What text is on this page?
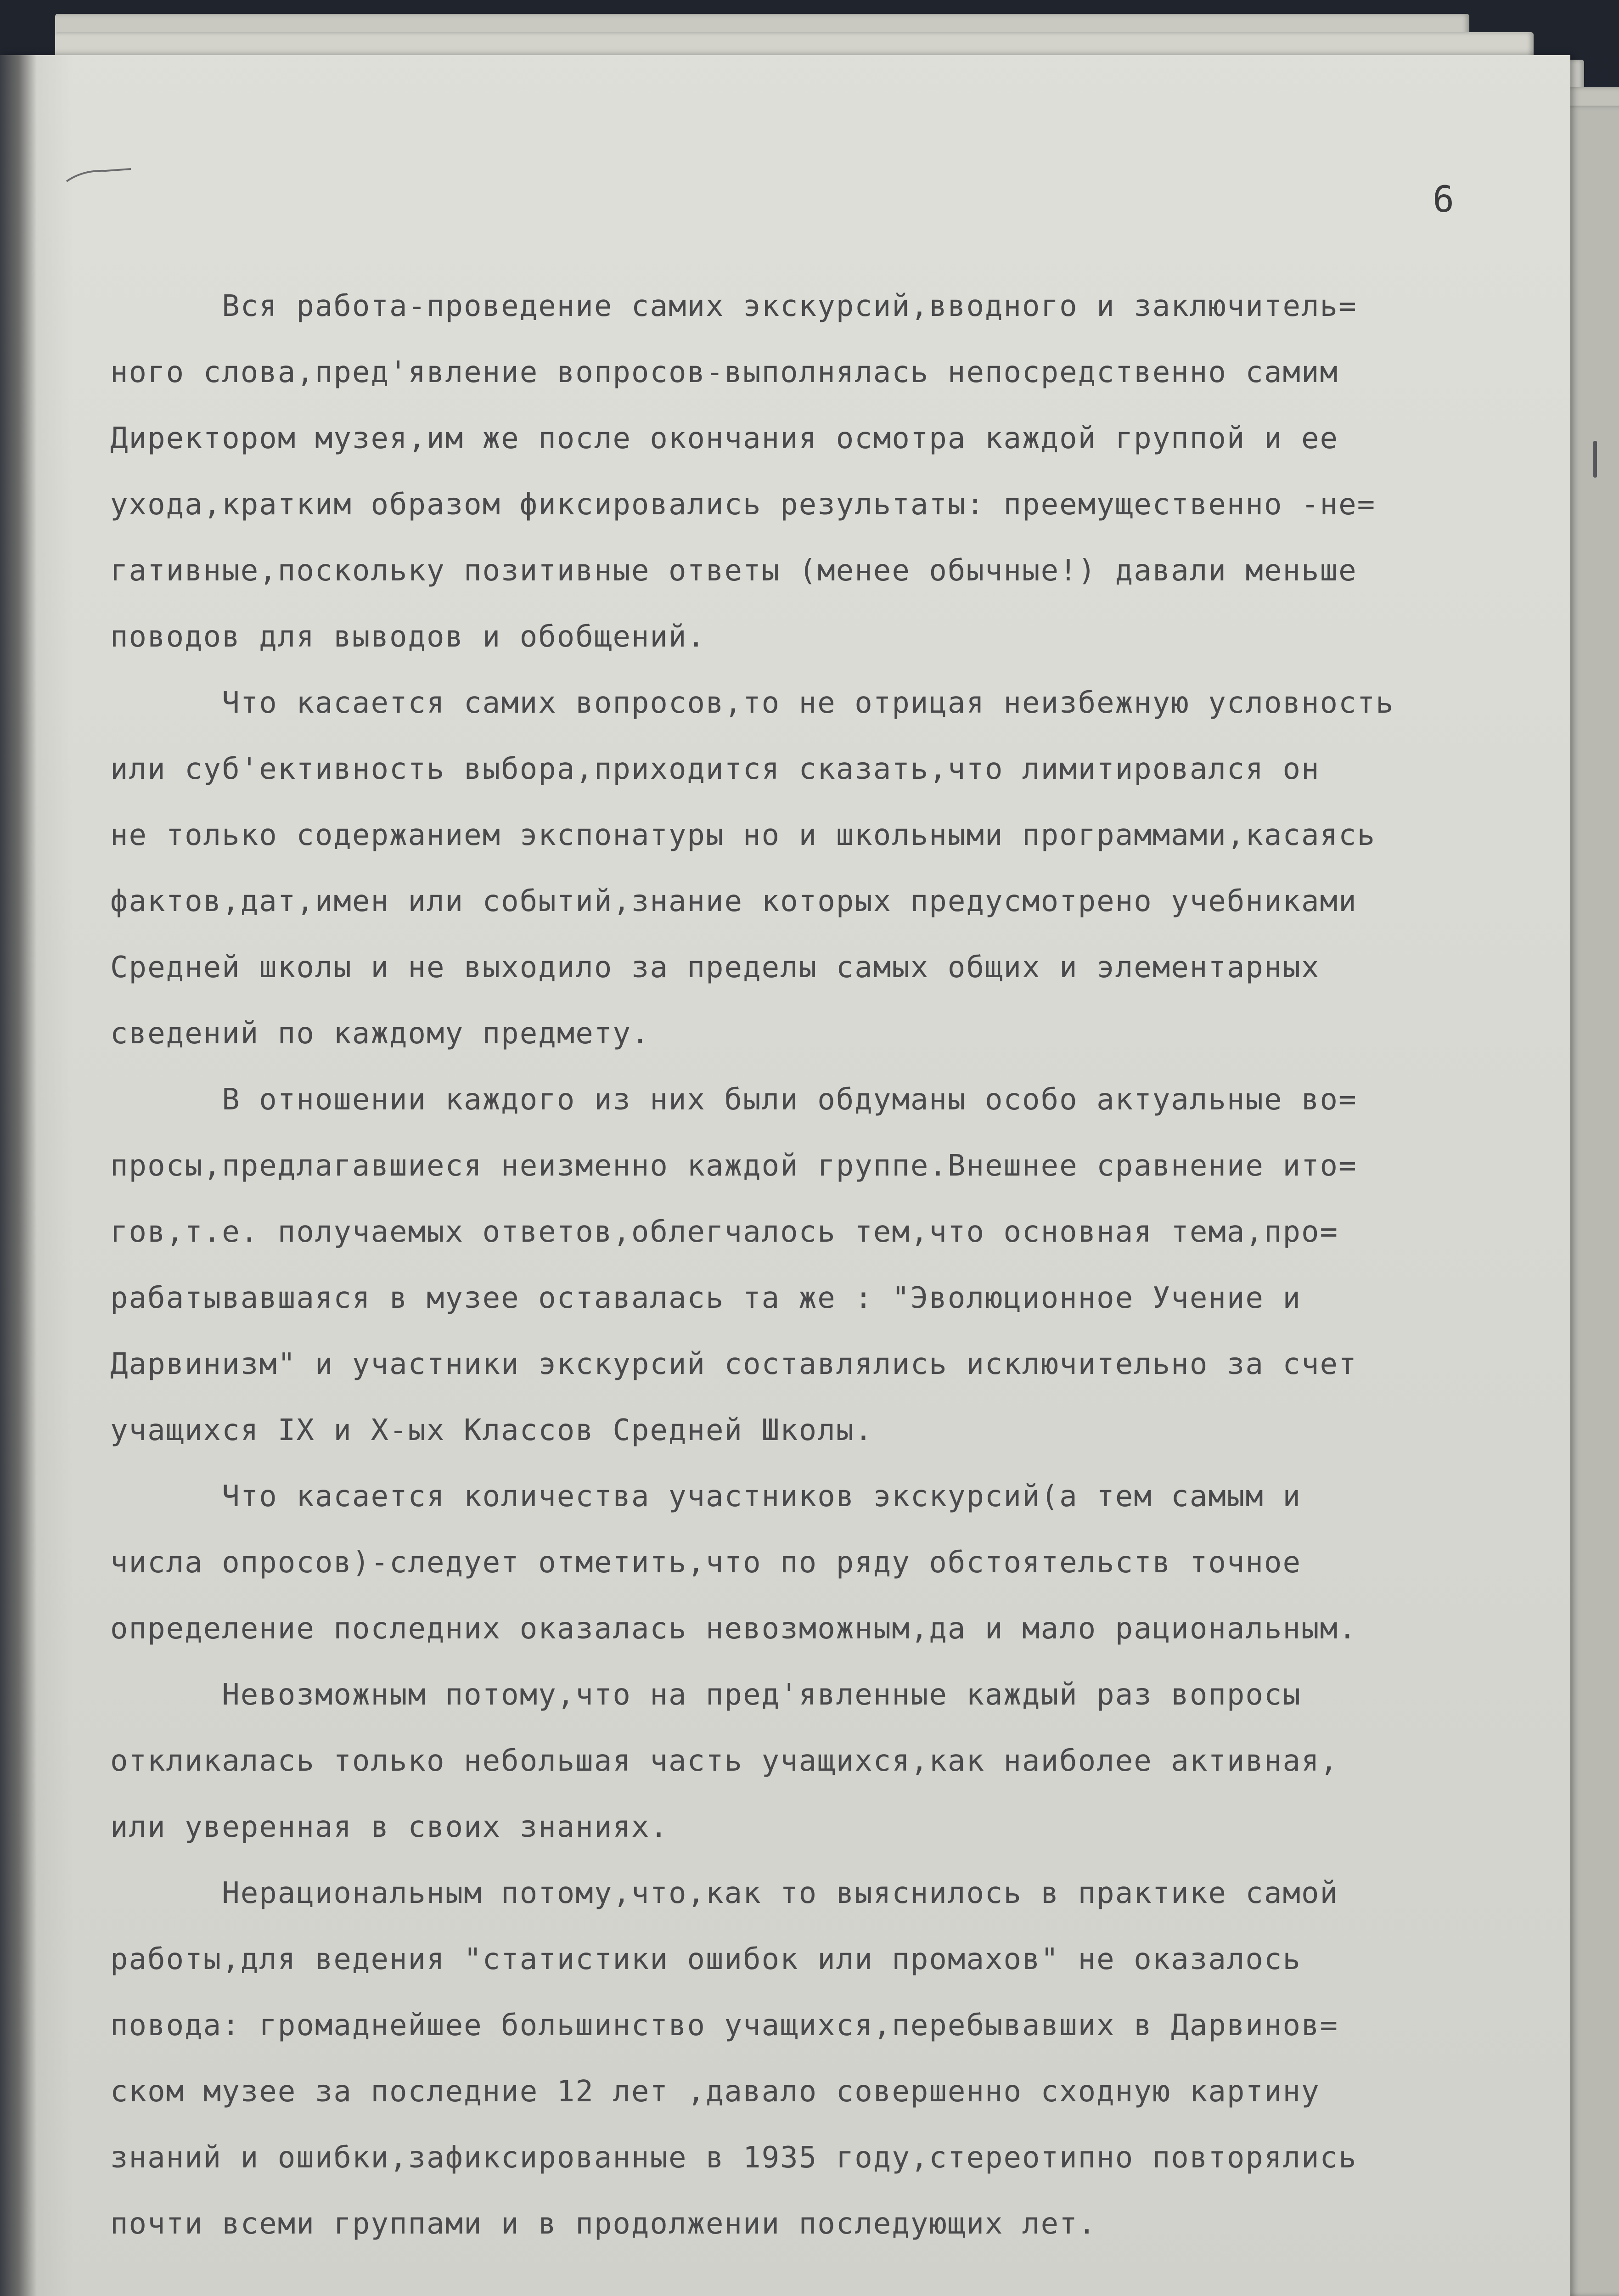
6
Вся работа-проведение самих экскурсий,вводного и заключитель=
ного слова,пред'явление вопросов-выполнялась непосредственно самим
Директором музея,им же после окончания осмотра каждой группой и ее
ухода,кратким образом фиксировались результаты: преемущественно -не=
гативные,поскольку позитивные ответы (менее обычные!) давали меньше
поводов для выводов и обобщений.
Что касается самих вопросов,то не отрицая неизбежную условность
или суб'ективность выбора,приходится сказать,что лимитировался он
не только содержанием экспонатуры но и школьными программами,касаясь
фактов,дат,имен или событий,знание которых предусмотрено учебниками
Средней школы и не выходило за пределы самых общих и элементарных
сведений по каждому предмету.
В отношении каждого из них были обдуманы особо актуальные во=
просы,предлагавшиеся неизменно каждой группе.Внешнее сравнение ито=
гов,т.е. получаемых ответов,облегчалось тем,что основная тема,про=
рабатывавшаяся в музее оставалась та же : "Эволюционное Учение и
Дарвинизм" и участники экскурсий составлялись исключительно за счет
учащихся IX и X-ых Классов Средней Школы.
Что касается количества участников экскурсий(а тем самым и
числа опросов)-следует отметить,что по ряду обстоятельств точное
определение последних оказалась невозможным,да и мало рациональным.
Невозможным потому,что на пред'явленные каждый раз вопросы
откликалась только небольшая часть учащихся,как наиболее активная,
или уверенная в своих знаниях.
Нерациональным потому,что,как то выяснилось в практике самой
работы,для ведения "статистики ошибок или промахов" не оказалось
повода: громаднейшее большинство учащихся,перебывавших в Дарвинов=
ском музее за последние 12 лет ,давало совершенно сходную картину
знаний и ошибки,зафиксированные в 1935 году,стереотипно повторялись
почти всеми группами и в продолжении последующих лет.
